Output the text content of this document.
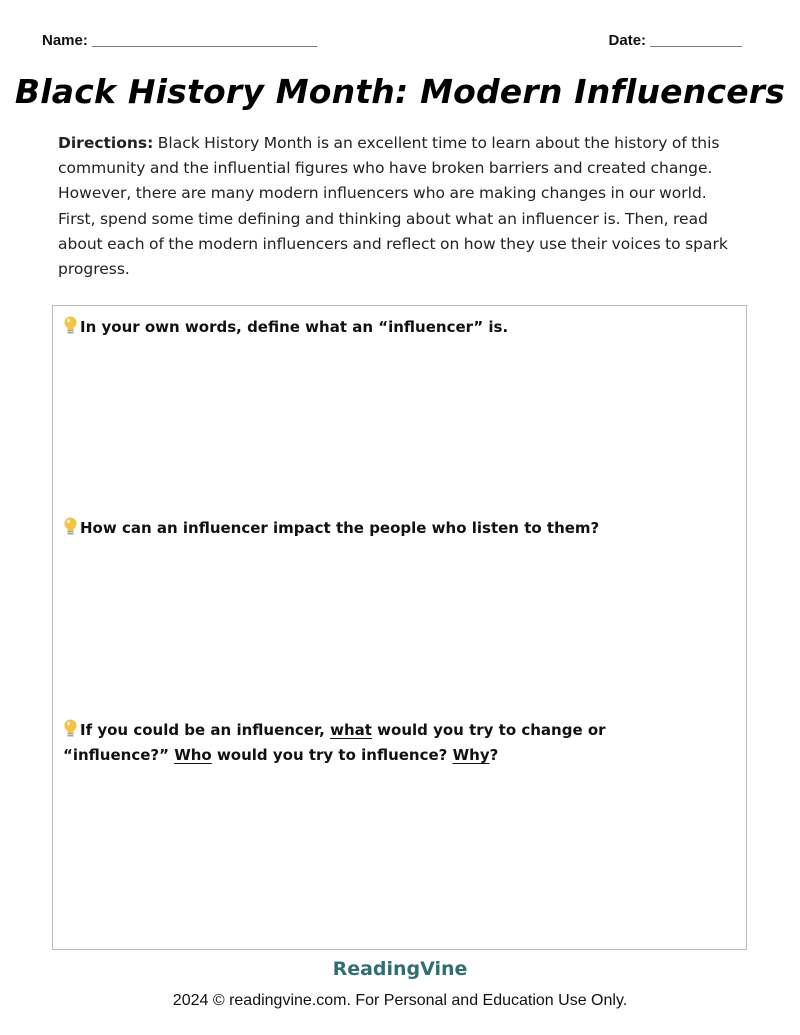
Name: ___________________________	Date: ___________
Black History Month: Modern Influencers
Directions: Black History Month is an excellent time to learn about the history of this community and the influential figures who have broken barriers and created change. However, there are many modern influencers who are making changes in our world. First, spend some time defining and thinking about what an influencer is. Then, read about each of the modern influencers and reflect on how they use their voices to spark progress.
In your own words, define what an “influencer” is.
How can an influencer impact the people who listen to them?
If you could be an influencer, what would you try to change or “influence?” Who would you try to influence? Why?
ReadingVine
2024 © readingvine.com. For Personal and Education Use Only.
